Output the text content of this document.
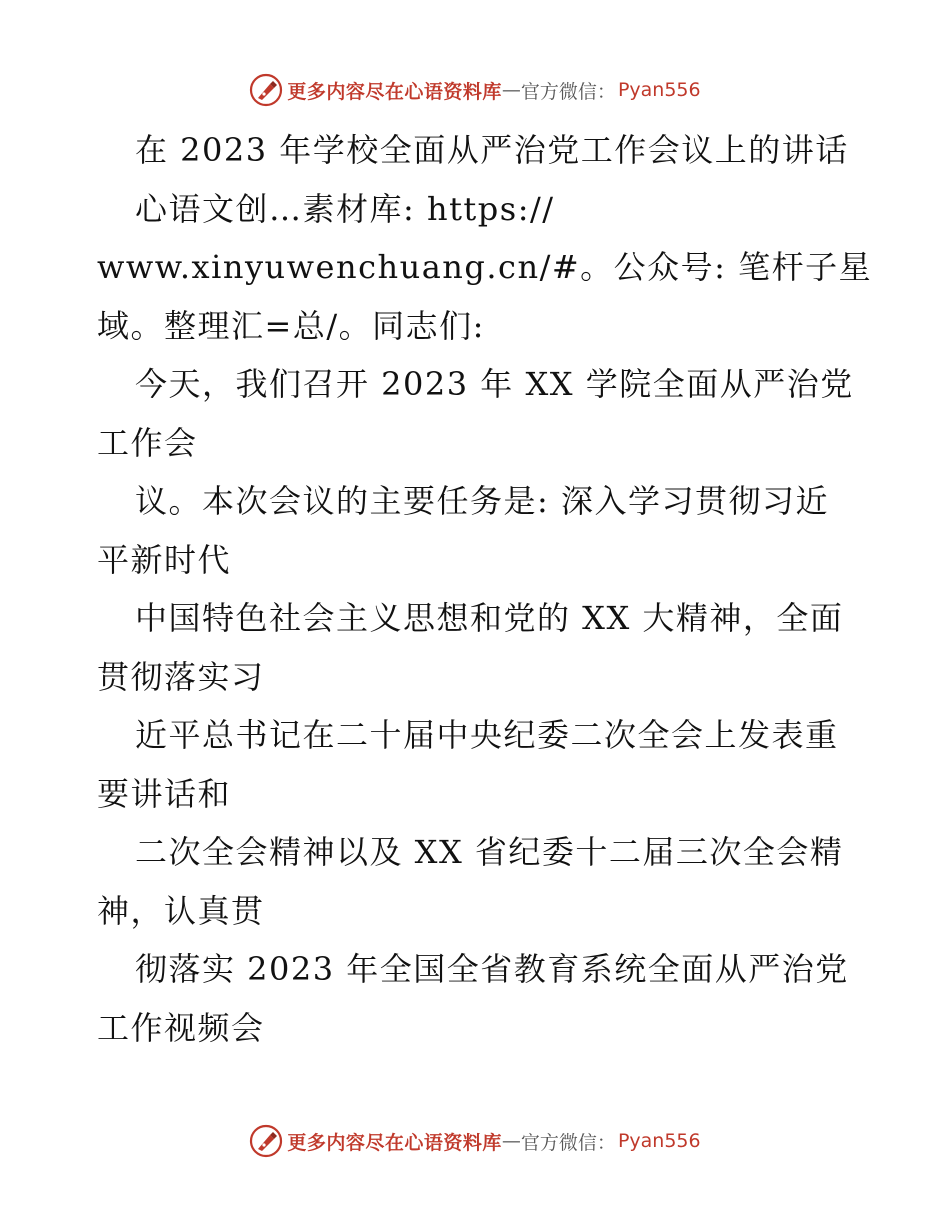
更多内容尽在心语资料库 — 官方微信： Pyan556
在 2023 年学校全面从严治党工作会议上的讲话
心语文创…素材库: https://
www.xinyuwenchuang.cn/#。公众号: 笔杆子星
域。整理汇=总/。同志们:
今天，我们召开 2023 年 XX 学院全面从严治党
工作会
议。本次会议的主要任务是: 深入学习贯彻习近
平新时代
中国特色社会主义思想和党的 XX 大精神，全面
贯彻落实习
近平总书记在二十届中央纪委二次全会上发表重
要讲话和
二次全会精神以及 XX 省纪委十二届三次全会精
神，认真贯
彻落实 2023 年全国全省教育系统全面从严治党
工作视频会
更多内容尽在心语资料库 — 官方微信： Pyan556
